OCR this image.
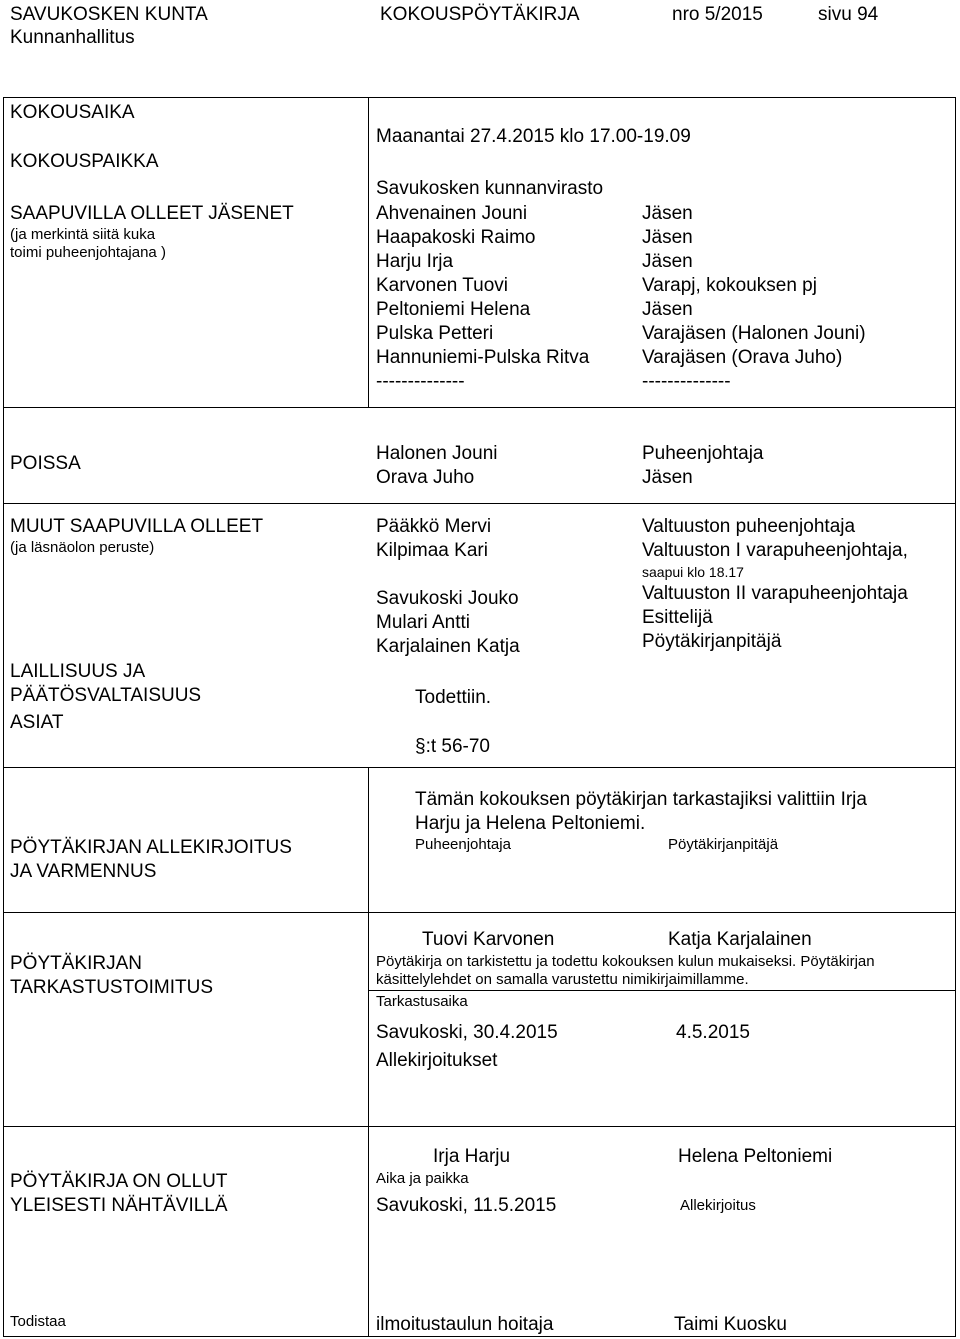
SAVUKOSKEN KUNTA
Kunnanhallitus
KOKOUSPÖYTÄKIRJA	nro 5/2015	sivu 94
KOKOUSAIKA
Maanantai 27.4.2015 klo 17.00-19.09
KOKOUSPAIKKA
Savukosken kunnanvirasto
SAAPUVILLA OLLEET JÄSENET
(ja merkintä siitä kuka
toimi puheenjohtajana )
Ahvenainen Jouni	Jäsen
Haapakoski Raimo	Jäsen
Harju Irja	Jäsen
Karvonen Tuovi	Varapj, kokouksen pj
Peltoniemi Helena	Jäsen
Pulska Petteri	Varajäsen (Halonen Jouni)
Hannuniemi-Pulska Ritva	Varajäsen (Orava Juho)
--------------	--------------
POISSA	Halonen Jouni	Puheenjohtaja
Orava Juho	Jäsen
MUUT SAAPUVILLA OLLEET
(ja läsnäolon peruste)
Pääkkö Mervi	Valtuuston puheenjohtaja
Kilpimaa Kari	Valtuuston I varapuheenjohtaja,
saapui klo 18.17
Savukoski Jouko	Valtuuston II varapuheenjohtaja
Mulari Antti	Esittelijä
Karjalainen Katja	Pöytäkirjanpitäjä
LAILLISUUS JA
PÄÄTÖSVALTAISUUS	Todettiin.
ASIAT
§:t 56-70
PÖYTÄKIRJAN ALLEKIRJOITUS
JA VARMENNUS
Tämän kokouksen pöytäkirjan tarkastajiksi valittiin Irja
Harju ja Helena Peltoniemi.
Puheenjohtaja	Pöytäkirjanpitäjä
Tuovi Karvonen	Katja Karjalainen
PÖYTÄKIRJAN
TARKASTUSTOIMITUS
Pöytäkirja on tarkistettu ja todettu kokouksen kulun mukaiseksi. Pöytäkirjan
käsittelylehdet on samalla varustettu nimikirjaimillamme.
Tarkastusaika
Savukoski, 30.4.2015	4.5.2015
Allekirjoitukset
Irja Harju	Helena Peltoniemi
PÖYTÄKIRJA ON OLLUT
YLEISESTI NÄHTÄVILLÄ
Aika ja paikka
Savukoski, 11.5.2015	Allekirjoitus
Todistaa	ilmoitustaulun hoitaja	Taimi Kuosku
